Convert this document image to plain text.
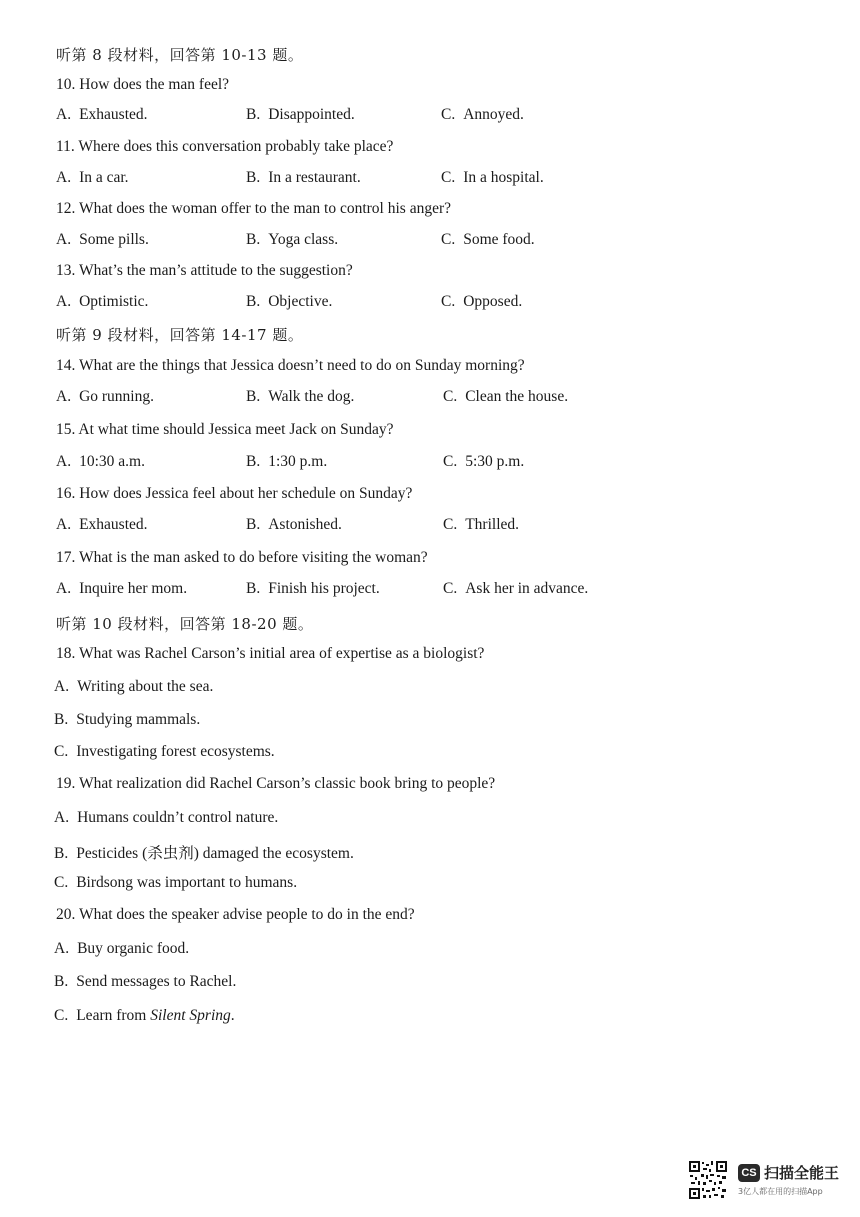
听第 8 段材料，回答第 10-13 题。
10. How does the man feel?
A. Exhausted.	B. Disappointed.	C. Annoyed.
11. Where does this conversation probably take place?
A. In a car.	B. In a restaurant.	C. In a hospital.
12. What does the woman offer to the man to control his anger?
A. Some pills.	B. Yoga class.	C. Some food.
13. What’s the man’s attitude to the suggestion?
A. Optimistic.	B. Objective.	C. Opposed.
听第 9 段材料，回答第 14-17 题。
14. What are the things that Jessica doesn’t need to do on Sunday morning?
A. Go running.	B. Walk the dog.	C. Clean the house.
15. At what time should Jessica meet Jack on Sunday?
A. 10:30 a.m.	B. 1:30 p.m.	C. 5:30 p.m.
16. How does Jessica feel about her schedule on Sunday?
A. Exhausted.	B. Astonished.	C. Thrilled.
17. What is the man asked to do before visiting the woman?
A. Inquire her mom.	B. Finish his project.	C. Ask her in advance.
听第 10 段材料，回答第 18-20 题。
18. What was Rachel Carson’s initial area of expertise as a biologist?
A. Writing about the sea.
B. Studying mammals.
C. Investigating forest ecosystems.
19. What realization did Rachel Carson’s classic book bring to people?
A. Humans couldn’t control nature.
B. Pesticides (杀虫剂) damaged the ecosystem.
C. Birdsong was important to humans.
20. What does the speaker advise people to do in the end?
A. Buy organic food.
B. Send messages to Rachel.
C. Learn from Silent Spring.
CS 扫描全能王
3亿人都在用的扫描App
